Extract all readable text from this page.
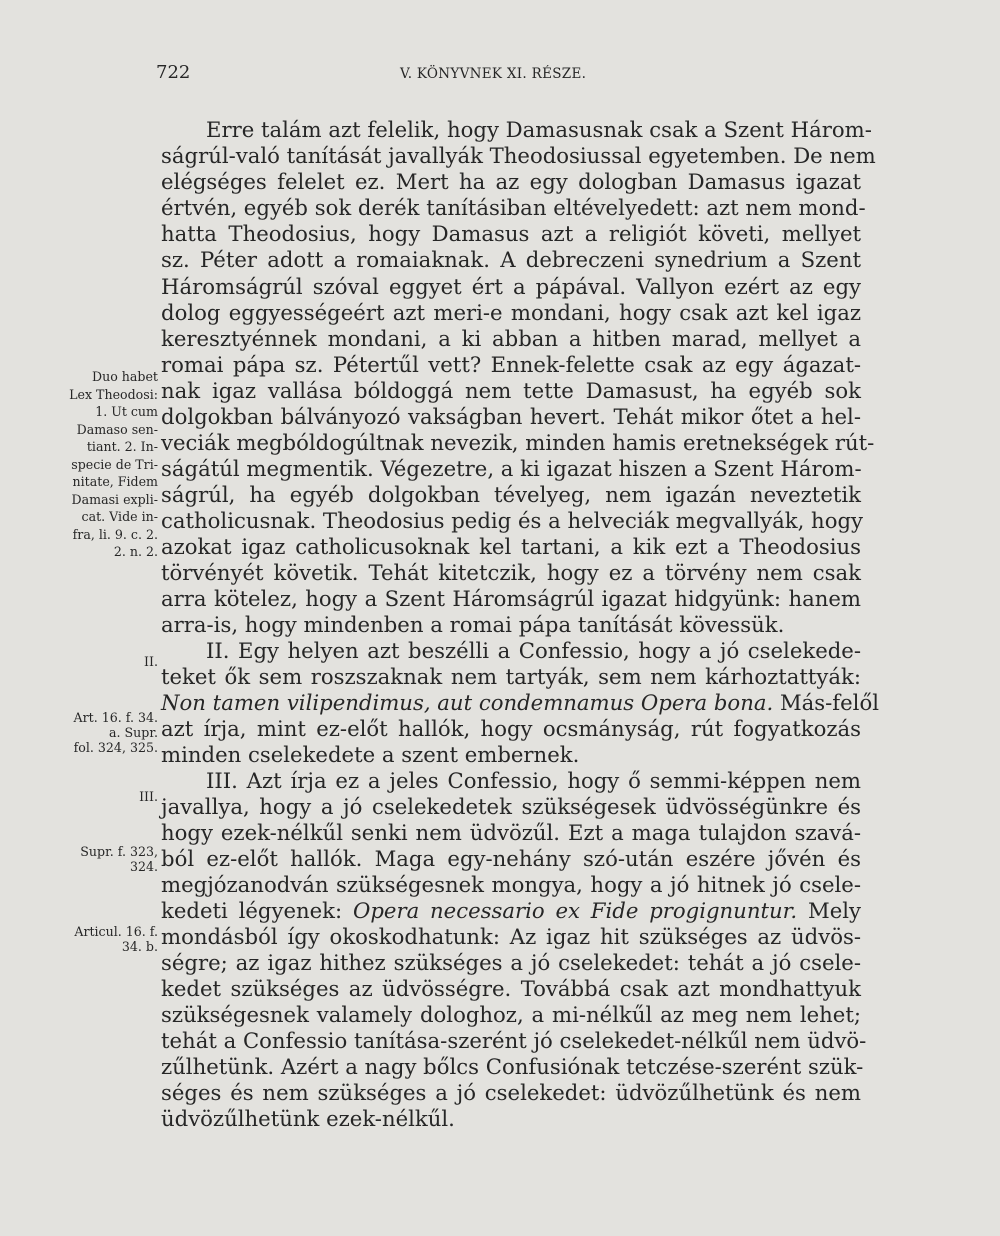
722	V. KÖNYVNEK XI. RÉSZE.
Erre talám azt felelik, hogy Damasusnak csak a Szent Három-
ságrúl-való tanítását javallyák Theodosiussal egyetemben. De nem
elégséges felelet ez. Mert ha az egy dologban Damasus igazat
értvén, egyéb sok derék tanításiban eltévelyedett: azt nem mond-
hatta Theodosius, hogy Damasus azt a religiót követi, mellyet
sz. Péter adott a romaiaknak. A debreczeni synedrium a Szent
Háromságrúl szóval eggyet ért a pápával. Vallyon ezért az egy
dolog eggyességeért azt meri-e mondani, hogy csak azt kel igaz
keresztyénnek mondani, a ki abban a hitben marad, mellyet a
romai pápa sz. Pétertűl vett? Ennek-felette csak az egy ágazat-
nak igaz vallása bóldoggá nem tette Damasust, ha egyéb sok
dolgokban bálványozó vakságban hevert. Tehát mikor őtet a hel-
veciák megbóldogúltnak nevezik, minden hamis eretnekségek rút-
ságátúl megmentik. Végezetre, a ki igazat hiszen a Szent Három-
ságrúl, ha egyéb dolgokban tévelyeg, nem igazán neveztetik
catholicusnak. Theodosius pedig és a helveciák megvallyák, hogy
azokat igaz catholicusoknak kel tartani, a kik ezt a Theodosius
törvényét követik. Tehát kitetczik, hogy ez a törvény nem csak
arra kötelez, hogy a Szent Háromságrúl igazat hidgyünk: hanem
arra-is, hogy mindenben a romai pápa tanítását kövessük.
II. Egy helyen azt beszélli a Confessio, hogy a jó cselekede-
teket ők sem roszszaknak nem tartyák, sem nem kárhoztattyák:
Non tamen vilipendimus, aut condemnamus Opera bona. Más-felől
azt írja, mint ez-előt hallók, hogy ocsmányság, rút fogyatkozás
minden cselekedete a szent embernek.
III. Azt írja ez a jeles Confessio, hogy ő semmi-képpen nem
javallya, hogy a jó cselekedetek szükségesek üdvösségünkre és
hogy ezek-nélkűl senki nem üdvözűl. Ezt a maga tulajdon szavá-
ból ez-előt hallók. Maga egy-nehány szó-után eszére jővén és
megjózanodván szükségesnek mongya, hogy a jó hitnek jó csele-
kedeti légyenek: Opera necessario ex Fide progignuntur. Mely
mondásból így okoskodhatunk: Az igaz hit szükséges az üdvös-
ségre; az igaz hithez szükséges a jó cselekedet: tehát a jó csele-
kedet szükséges az üdvösségre. Továbbá csak azt mondhattyuk
szükségesnek valamely dologhoz, a mi-nélkűl az meg nem lehet;
tehát a Confessio tanítása-szerént jó cselekedet-nélkűl nem üdvö-
zűlhetünk. Azért a nagy bőlcs Confusiónak tetczése-szerént szük-
séges és nem szükséges a jó cselekedet: üdvözűlhetünk és nem
üdvözűlhetünk ezek-nélkűl.
Duo habet
Lex Theodosi:
1. Ut cum
Damaso sen-
tiant. 2. In-
specie de Tri-
nitate, Fidem
Damasi expli-
cat. Vide in-
fra, li. 9. c. 2.
2. n. 2.
II.
Art. 16. f. 34.
a. Supr.
fol. 324, 325.
III.
Supr. f. 323,
324.
Articul. 16. f.
34. b.
